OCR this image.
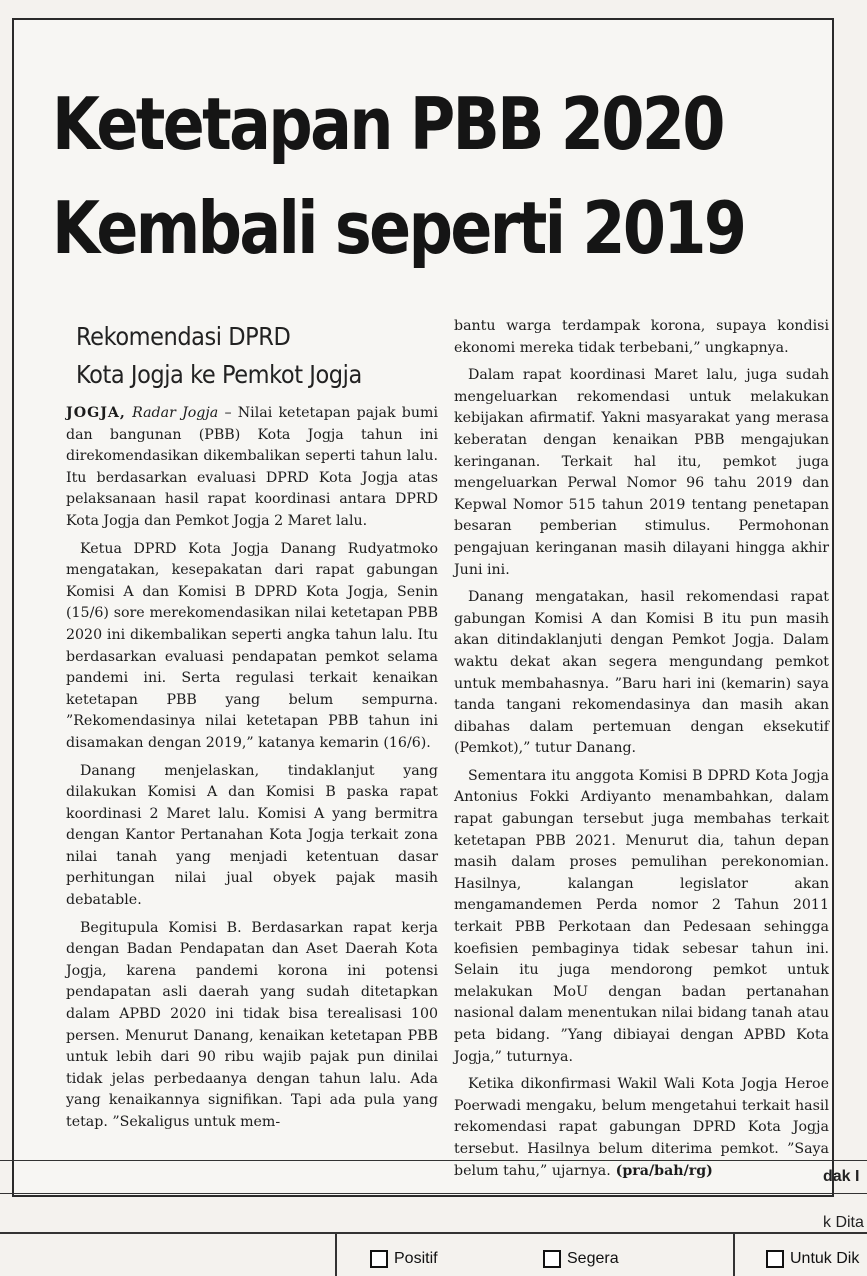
Ketetapan PBB 2020
Kembali seperti 2019
Rekomendasi DPRD
Kota Jogja ke Pemkot Jogja

JOGJA, Radar Jogja – Nilai ketetapan pajak bumi dan bangunan (PBB) Kota Jogja tahun ini direkomendasikan dikembalikan seperti tahun lalu. Itu berdasarkan evaluasi DPRD Kota Jogja atas pelaksanaan hasil rapat koordinasi antara DPRD Kota Jogja dan Pemkot Jogja 2 Maret lalu.

Ketua DPRD Kota Jogja Danang Rudyatmoko mengatakan, kesepakatan dari rapat gabungan Komisi A dan Komisi B DPRD Kota Jogja, Senin (15/6) sore merekomendasikan nilai ketetapan PBB 2020 ini dikembalikan seperti angka tahun lalu. Itu berdasarkan evaluasi pendapatan pemkot selama pandemi ini. Serta regulasi terkait kenaikan ketetapan PBB yang belum sempurna. ”Rekomendasinya nilai ketetapan PBB tahun ini disamakan dengan 2019,” katanya kemarin (16/6).

Danang menjelaskan, tindaklanjut yang dilakukan Komisi A dan Komisi B paska rapat koordinasi 2 Maret lalu. Komisi A yang bermitra dengan Kantor Pertanahan Kota Jogja terkait zona nilai tanah yang menjadi ketentuan dasar perhitungan nilai jual obyek pajak masih debatable.

Begitupula Komisi B. Berdasarkan rapat kerja dengan Badan Pendapatan dan Aset Daerah Kota Jogja, karena pandemi korona ini potensi pendapatan asli daerah yang sudah ditetapkan dalam APBD 2020 ini tidak bisa terealisasi 100 persen. Menurut Danang, kenaikan ketetapan PBB untuk lebih dari 90 ribu wajib pajak pun dinilai tidak jelas perbedaanya dengan tahun lalu. Ada yang kenaikannya signifikan. Tapi ada pula yang tetap. ”Sekaligus untuk mem-

bantu warga terdampak korona, supaya kondisi ekonomi mereka tidak terbebani,” ungkapnya.

Dalam rapat koordinasi Maret lalu, juga sudah mengeluarkan rekomendasi untuk melakukan kebijakan afirmatif. Yakni masyarakat yang merasa keberatan dengan kenaikan PBB mengajukan keringanan. Terkait hal itu, pemkot juga mengeluarkan Perwal Nomor 96 tahu 2019 dan Kepwal Nomor 515 tahun 2019 tentang penetapan besaran pemberian stimulus. Permohonan pengajuan keringanan masih dilayani hingga akhir Juni ini.

Danang mengatakan, hasil rekomendasi rapat gabungan Komisi A dan Komisi B itu pun masih akan ditindaklanjuti dengan Pemkot Jogja. Dalam waktu dekat akan segera mengundang pemkot untuk membahasnya. ”Baru hari ini (kemarin) saya tanda tangani rekomendasinya dan masih akan dibahas dalam pertemuan dengan eksekutif (Pemkot),” tutur Danang.

Sementara itu anggota Komisi B DPRD Kota Jogja Antonius Fokki Ardiyanto menambahkan, dalam rapat gabungan tersebut juga membahas terkait ketetapan PBB 2021. Menurut dia, tahun depan masih dalam proses pemulihan perekonomian. Hasilnya, kalangan legislator akan mengamandemen Perda nomor 2 Tahun 2011 terkait PBB Perkotaan dan Pedesaan sehingga koefisien pembaginya tidak sebesar tahun ini. Selain itu juga mendorong pemkot untuk melakukan MoU dengan badan pertanahan nasional dalam menentukan nilai bidang tanah atau peta bidang. ”Yang dibiayai dengan APBD Kota Jogja,” tuturnya.

Ketika dikonfirmasi Wakil Wali Kota Jogja Heroe Poerwadi mengaku, belum mengetahui terkait hasil rekomendasi rapat gabungan DPRD Kota Jogja tersebut. Hasilnya belum diterima pemkot. ”Saya belum tahu,” ujarnya. (pra/bah/rg)	dak I
k Dita
Positif	Segera	Untuk Dik
